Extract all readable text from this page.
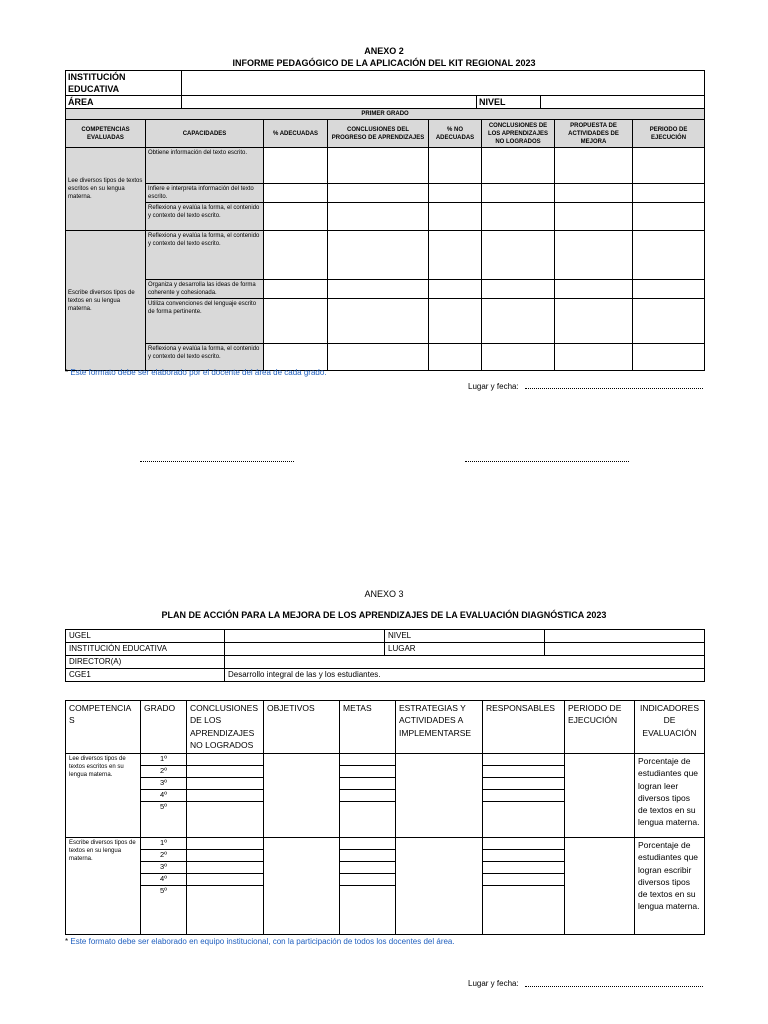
ANEXO 2
INFORME PEDAGÓGICO DE LA APLICACIÓN DEL KIT REGIONAL 2023
INSTITUCIÓN EDUCATIVA			
ÁREA		NIVEL	
PRIMER GRADO							
COMPETENCIAS EVALUADAS	CAPACIDADES	% ADECUADAS	CONCLUSIONES DEL PROGRESO DE APRENDIZAJES	% NO ADECUADAS	CONCLUSIONES DE LOS APRENDIZAJES NO LOGRADOS	PROPUESTA DE ACTIVIDADES DE MEJORA	PERIODO DE EJECUCIÓN
Lee diversos tipos de textos escritos en su lengua materna.	Obtiene información del texto escrito.						
	Infiere e interpreta información del texto escrito.						
	Reflexiona y evalúa la forma, el contenido y contexto del texto escrito.						
Escribe diversos tipos de textos en su lengua materna.	Reflexiona y evalúa la forma, el contenido y contexto del texto escrito.						
	Organiza y desarrolla las ideas de forma coherente y cohesionada.						
	Utiliza convenciones del lenguaje escrito de forma pertinente.						
	Reflexiona y evalúa la forma, el contenido y contexto del texto escrito.						
* Este formato debe ser elaborado por el docente del área de cada grado.
Lugar y fecha:
ANEXO 3
PLAN DE ACCIÓN PARA LA MEJORA DE LOS APRENDIZAJES DE LA EVALUACIÓN DIAGNÓSTICA 2023
UGEL		NIVEL	
INSTITUCIÓN EDUCATIVA		LUGAR	
DIRECTOR(A)			
CGE1	Desarrollo integral de las y los estudiantes.		
COMPETENCIA S	GRADO	CONCLUSIONES DE LOS APRENDIZAJES NO LOGRADOS	OBJETIVOS	METAS	ESTRATEGIAS Y ACTIVIDADES A IMPLEMENTARSE	RESPONSABLES	PERIODO DE EJECUCIÓN	INDICADORES DE EVALUACIÓN
Lee diversos tipos de textos escritos en su lengua materna.	1º							Porcentaje de estudiantes que logran leer diversos tipos de textos en su lengua materna.
	2º							
	3º							
	4º							
	5º							
Escribe diversos tipos de textos en su lengua materna.	1º							Porcentaje de estudiantes que logran escribir diversos tipos de textos en su lengua materna.
	2º							
	3º							
	4º							
	5º							
* Este formato debe ser elaborado en equipo institucional, con la participación de todos los docentes del área.
Lugar y fecha:
